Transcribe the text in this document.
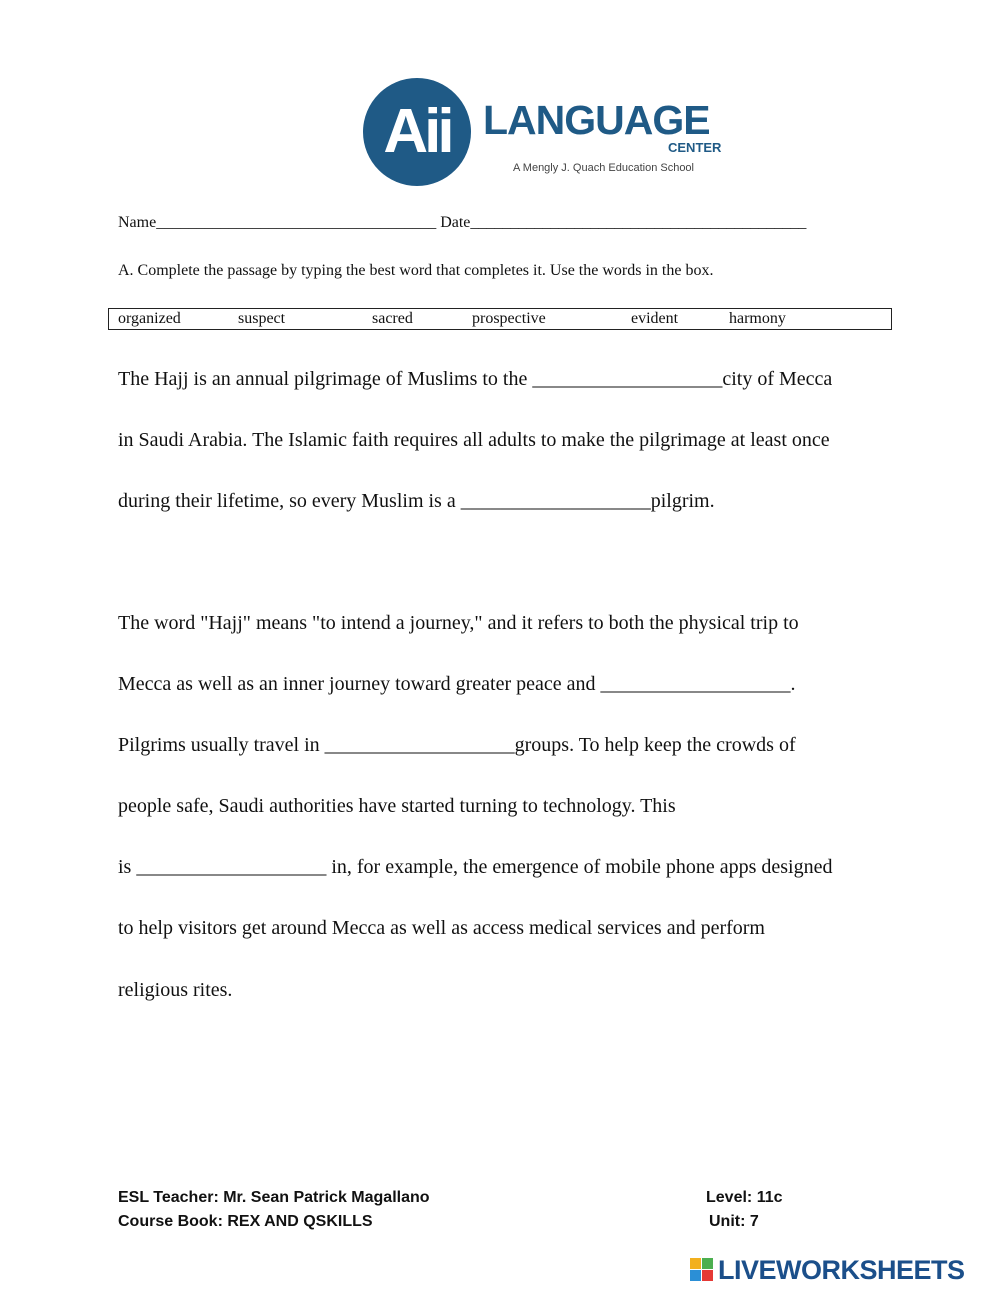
Aii LANGUAGE
CENTER
A Mengly J. Quach Education School
Name___________________________________ Date__________________________________________
A. Complete the passage by typing the best word that completes it. Use the words in the box.
organized	suspect	sacred	prospective	evident	harmony
The Hajj is an annual pilgrimage of Muslims to the ___________________city of Mecca
in Saudi Arabia. The Islamic faith requires all adults to make the pilgrimage at least once
during their lifetime, so every Muslim is a ___________________pilgrim.
The word "Hajj" means "to intend a journey," and it refers to both the physical trip to
Mecca as well as an inner journey toward greater peace and ___________________.
Pilgrims usually travel in ___________________groups. To help keep the crowds of
people safe, Saudi authorities have started turning to technology. This
is ___________________ in, for example, the emergence of mobile phone apps designed
to help visitors get around Mecca as well as access medical services and perform
religious rites.
ESL Teacher: Mr. Sean Patrick Magallano	Level: 11c
Course Book: REX AND QSKILLS	Unit: 7
LIVEWORKSHEETS
